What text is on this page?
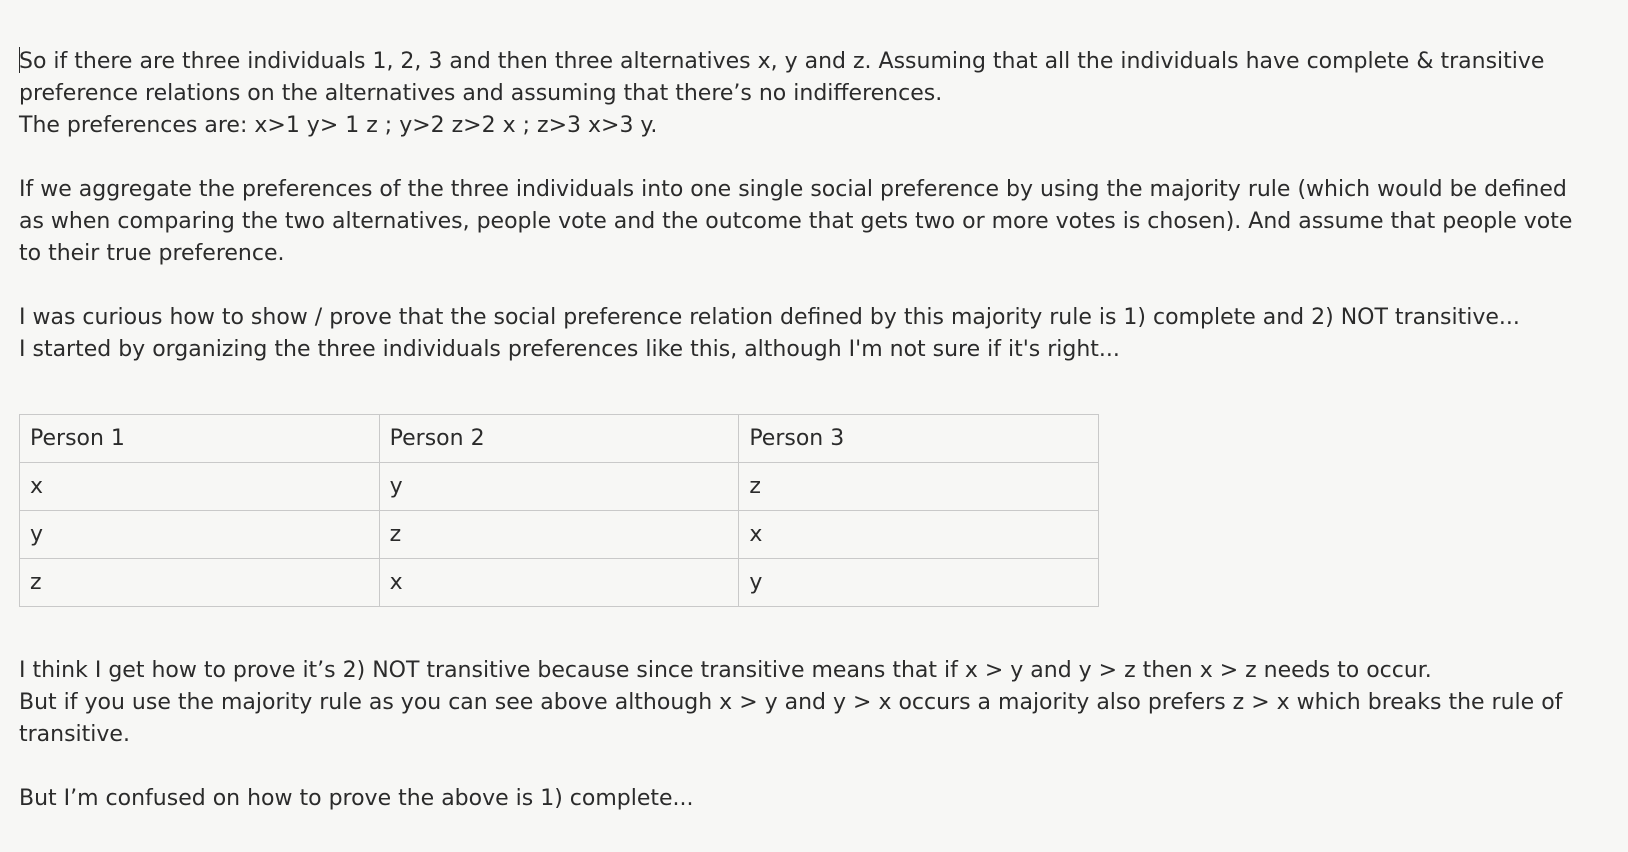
So if there are three individuals 1, 2, 3 and then three alternatives x, y and z. Assuming that all the individuals have complete & transitive

preference relations on the alternatives and assuming that there’s no indifferences.

The preferences are: x>1 y> 1 z ; y>2 z>2 x ; z>3 x>3 y.

If we aggregate the preferences of the three individuals into one single social preference by using the majority rule (which would be defined

as when comparing the two alternatives, people vote and the outcome that gets two or more votes is chosen). And assume that people vote

to their true preference.

I was curious how to show / prove that the social preference relation defined by this majority rule is 1) complete and 2) NOT transitive...

I started by organizing the three individuals preferences like this, although I'm not sure if it's right...

Person 1	Person 2	Person 3
x	y	z
y	z	x
z	x	y

I think I get how to prove it’s 2) NOT transitive because since transitive means that if x > y and y > z then x > z needs to occur.

But if you use the majority rule as you can see above although x > y and y > x occurs a majority also prefers z > x which breaks the rule of

transitive.

But I’m confused on how to prove the above is 1) complete...
